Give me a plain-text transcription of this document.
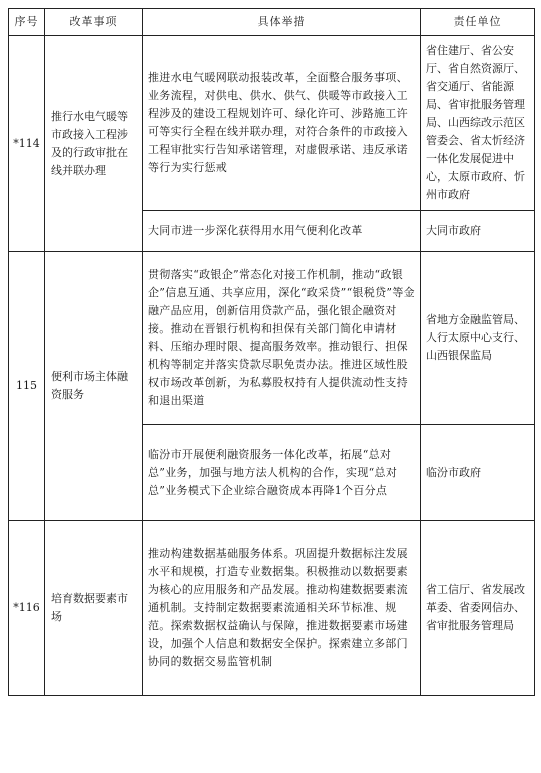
序号	改革事项	具体举措	责任单位
*114	推行水电气暖等市政接入工程涉及的行政审批在线并联办理	推进水电气暖网联动报装改革，全面整合服务事项、业务流程，对供电、供水、供气、供暖等市政接入工程涉及的建设工程规划许可、绿化许可、涉路施工许可等实行全程在线并联办理，对符合条件的市政接入工程审批实行告知承诺管理，对虚假承诺、违反承诺等行为实行惩戒	省住建厅、省公安厅、省自然资源厅、省交通厅、省能源局、省审批服务管理局、山西综改示范区管委会、省太忻经济一体化发展促进中心，太原市政府、忻州市政府
		大同市进一步深化获得用水用气便利化改革	大同市政府
115	便利市场主体融资服务	贯彻落实“政银企”常态化对接工作机制，推动“政银企”信息互通、共享应用，深化“政采贷”“银税贷”等金融产品应用，创新信用贷款产品，强化银企融资对接。推动在晋银行机构和担保有关部门简化申请材料、压缩办理时限、提高服务效率。推动银行、担保机构等制定并落实贷款尽职免责办法。推进区域性股权市场改革创新，为私募股权持有人提供流动性支持和退出渠道	省地方金融监管局、人行太原中心支行、山西银保监局
		临汾市开展便利融资服务一体化改革，拓展“总对总”业务，加强与地方法人机构的合作，实现“总对总”业务模式下企业综合融资成本再降1个百分点	临汾市政府
*116	培育数据要素市场	推动构建数据基础服务体系。巩固提升数据标注发展水平和规模，打造专业数据集。积极推动以数据要素为核心的应用服务和产品发展。推动构建数据要素流通机制。支持制定数据要素流通相关环节标准、规范。探索数据权益确认与保障，推进数据要素市场建设，加强个人信息和数据安全保护。探索建立多部门协同的数据交易监管机制	省工信厅、省发展改革委、省委网信办、省审批服务管理局
